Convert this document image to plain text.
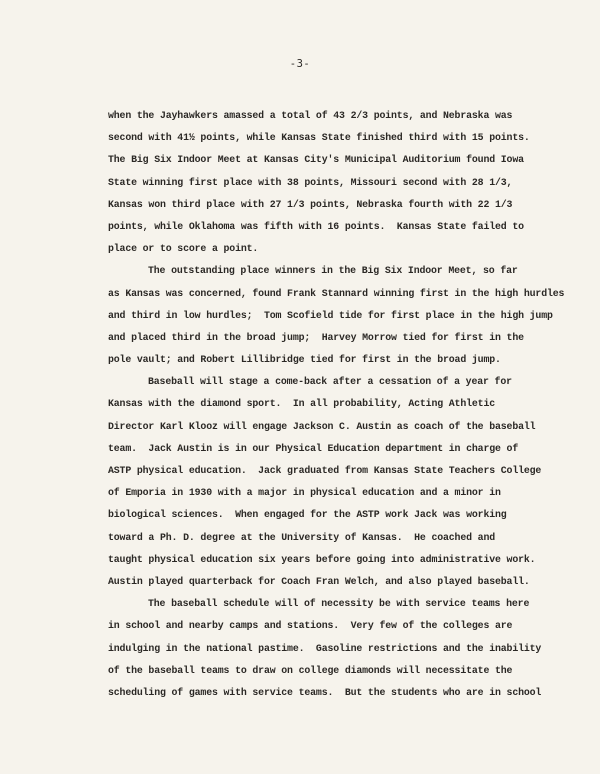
-3-
when the Jayhawkers amassed a total of 43 2/3 points, and Nebraska was
second with 41½ points, while Kansas State finished third with 15 points.
The Big Six Indoor Meet at Kansas City's Municipal Auditorium found Iowa
State winning first place with 38 points, Missouri second with 28 1/3,
Kansas won third place with 27 1/3 points, Nebraska fourth with 22 1/3
points, while Oklahoma was fifth with 16 points.  Kansas State failed to
place or to score a point.
The outstanding place winners in the Big Six Indoor Meet, so far
as Kansas was concerned, found Frank Stannard winning first in the high hurdles
and third in low hurdles;  Tom Scofield tide for first place in the high jump
and placed third in the broad jump;  Harvey Morrow tied for first in the
pole vault; and Robert Lillibridge tied for first in the broad jump.
Baseball will stage a come-back after a cessation of a year for
Kansas with the diamond sport.  In all probability, Acting Athletic
Director Karl Klooz will engage Jackson C. Austin as coach of the baseball
team.  Jack Austin is in our Physical Education department in charge of
ASTP physical education.  Jack graduated from Kansas State Teachers College
of Emporia in 1930 with a major in physical education and a minor in
biological sciences.  When engaged for the ASTP work Jack was working
toward a Ph. D. degree at the University of Kansas.  He coached and
taught physical education six years before going into administrative work.
Austin played quarterback for Coach Fran Welch, and also played baseball.
The baseball schedule will of necessity be with service teams here
in school and nearby camps and stations.  Very few of the colleges are
indulging in the national pastime.  Gasoline restrictions and the inability
of the baseball teams to draw on college diamonds will necessitate the
scheduling of games with service teams.  But the students who are in school
